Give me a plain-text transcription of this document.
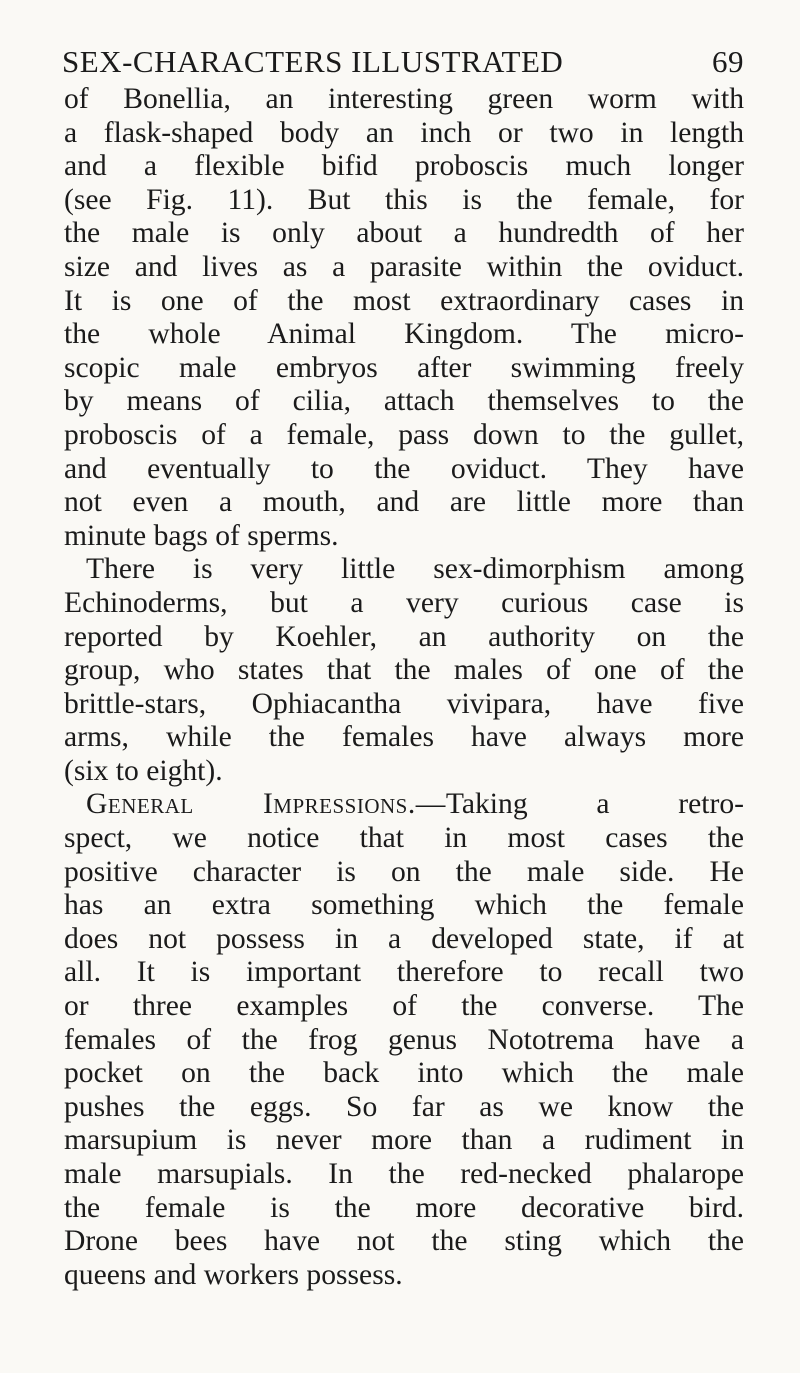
SEX-CHARACTERS ILLUSTRATED	69
of Bonellia, an interesting green worm with
a flask-shaped body an inch or two in length
and a flexible bifid proboscis much longer
(see Fig. 11). But this is the female, for
the male is only about a hundredth of her
size and lives as a parasite within the oviduct.
It is one of the most extraordinary cases in
the whole Animal Kingdom. The micro-
scopic male embryos after swimming freely
by means of cilia, attach themselves to the
proboscis of a female, pass down to the gullet,
and eventually to the oviduct. They have
not even a mouth, and are little more than
minute bags of sperms.
There is very little sex-dimorphism among
Echinoderms, but a very curious case is
reported by Koehler, an authority on the
group, who states that the males of one of the
brittle-stars, Ophiacantha vivipara, have five
arms, while the females have always more
(six to eight).
General Impressions.—Taking a retro-
spect, we notice that in most cases the
positive character is on the male side. He
has an extra something which the female
does not possess in a developed state, if at
all. It is important therefore to recall two
or three examples of the converse. The
females of the frog genus Nototrema have a
pocket on the back into which the male
pushes the eggs. So far as we know the
marsupium is never more than a rudiment in
male marsupials. In the red-necked phalarope
the female is the more decorative bird.
Drone bees have not the sting which the
queens and workers possess.
